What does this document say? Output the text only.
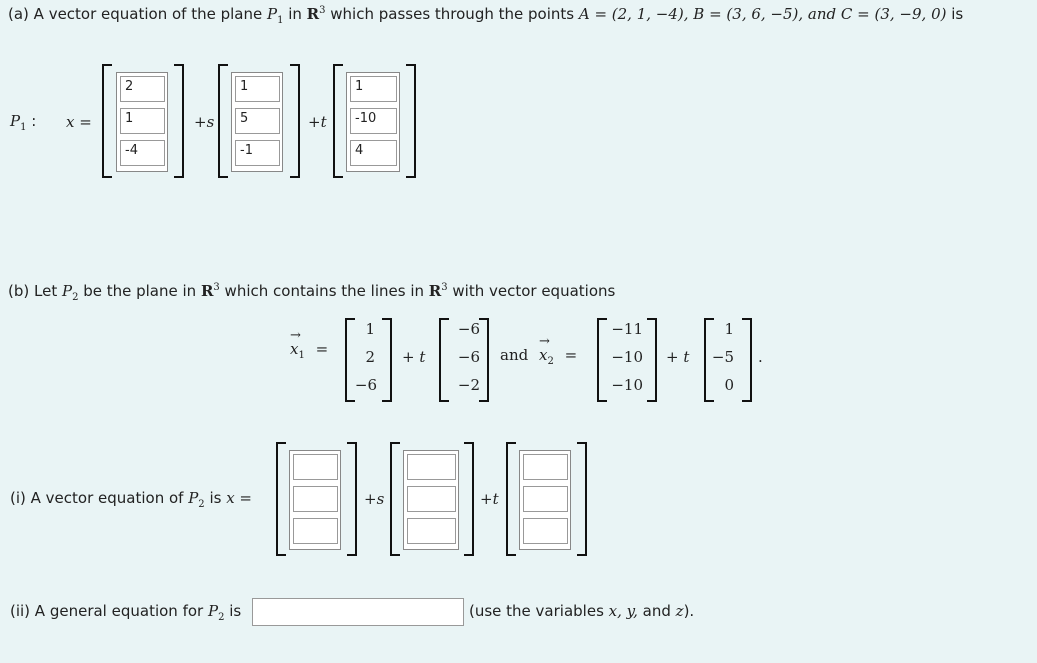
(a) A vector equation of the plane $P_1$ in $R^3$ which passes through the points A = (2, 1, −4), B = (3, 6, −5), and C = (3, −9, 0) is
$P_1$ : x =
2
1
-4
+s
1
5
-1
+t
1
-10
4
(b) Let $P_2$ be the plane in $R^3$ which contains the lines in $R^3$ with vector equations
→
$x_1$ =
1
2
−6
+ t
−6
−6
−2
and
→
$x_2$ =
−11
−10
−10
+ t
1
−5
0
.
(i) A vector equation of $P_2$ is x =	+s	+t
(ii) A general equation for $P_2$ is	(use the variables x, y, and z).
